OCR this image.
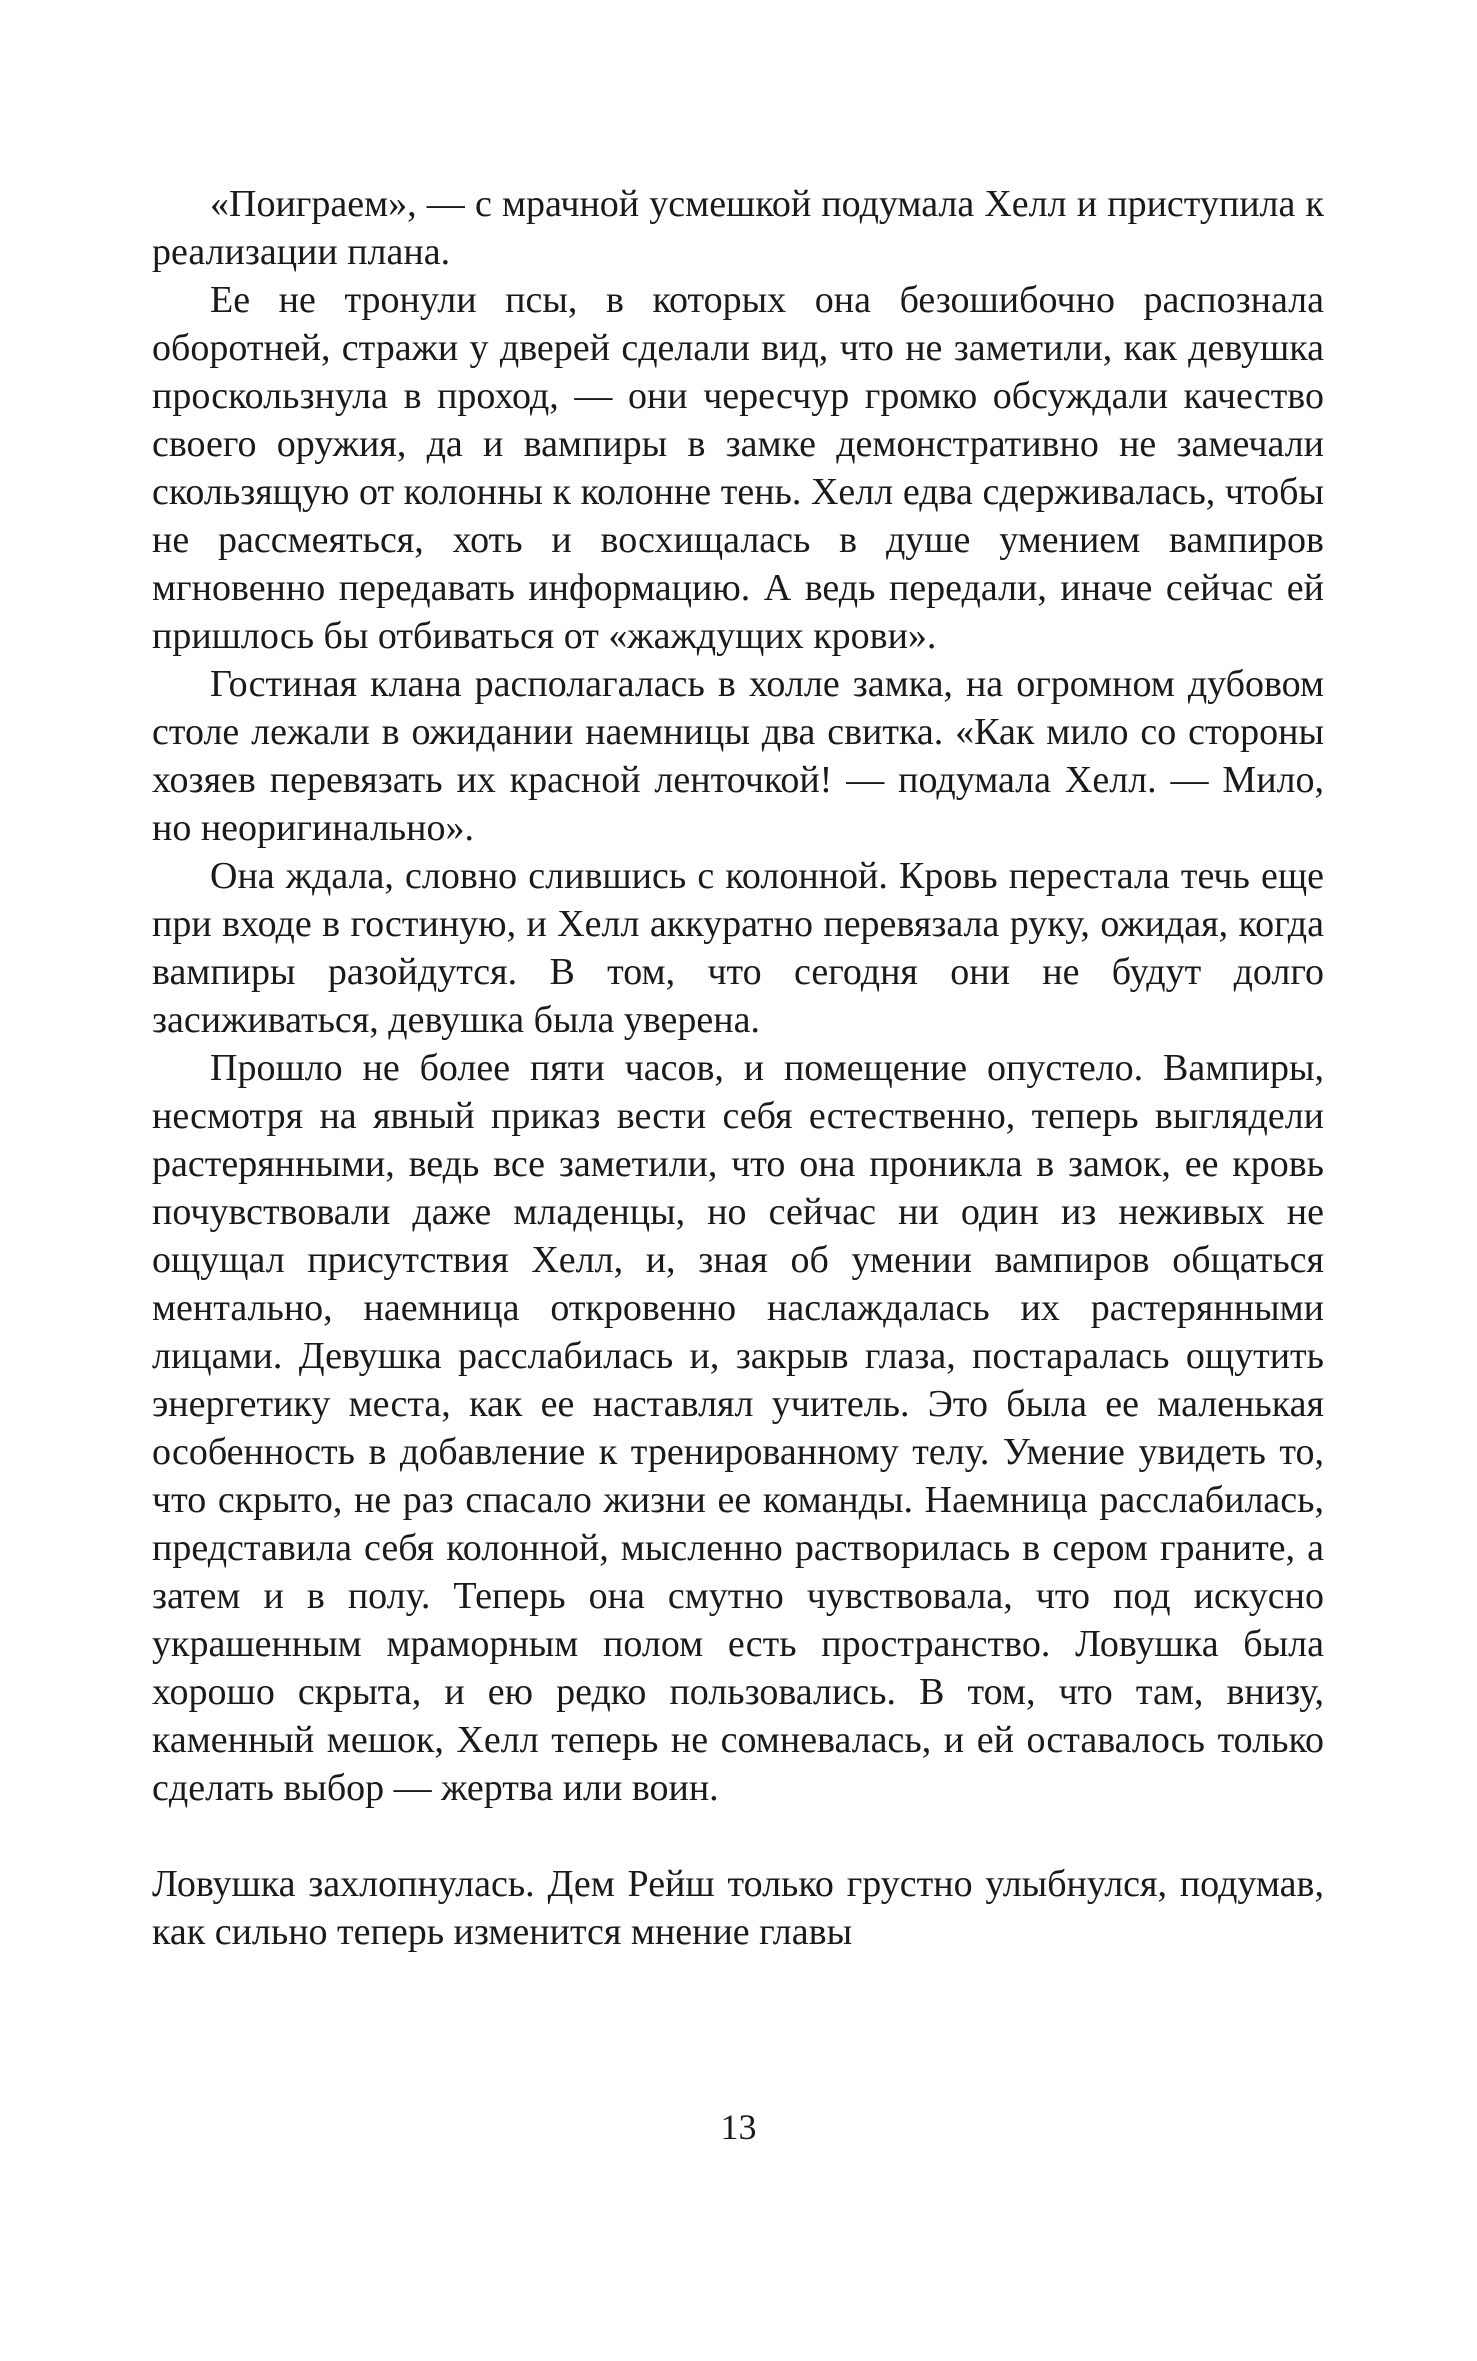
«Поиграем», — с мрачной усмешкой подумала Хелл и приступила к реализации плана.

Ее не тронули псы, в которых она безошибочно распознала оборотней, стражи у дверей сделали вид, что не заметили, как девушка проскользнула в проход, — они чересчур громко обсуждали качество своего оружия, да и вампиры в замке демонстративно не замечали скользящую от колонны к колонне тень. Хелл едва сдерживалась, чтобы не рассмеяться, хоть и восхищалась в душе умением вампиров мгновенно передавать информацию. А ведь передали, иначе сейчас ей пришлось бы отбиваться от «жаждущих крови».

Гостиная клана располагалась в холле замка, на огромном дубовом столе лежали в ожидании наемницы два свитка. «Как мило со стороны хозяев перевязать их красной ленточкой! — подумала Хелл. — Мило, но неоригинально».

Она ждала, словно слившись с колонной. Кровь перестала течь еще при входе в гостиную, и Хелл аккуратно перевязала руку, ожидая, когда вампиры разойдутся. В том, что сегодня они не будут долго засиживаться, девушка была уверена.

Прошло не более пяти часов, и помещение опустело. Вампиры, несмотря на явный приказ вести себя естественно, теперь выглядели растерянными, ведь все заметили, что она проникла в замок, ее кровь почувствовали даже младенцы, но сейчас ни один из неживых не ощущал присутствия Хелл, и, зная об умении вампиров общаться ментально, наемница откровенно наслаждалась их растерянными лицами. Девушка расслабилась и, закрыв глаза, постаралась ощутить энергетику места, как ее наставлял учитель. Это была ее маленькая особенность в добавление к тренированному телу. Умение увидеть то, что скрыто, не раз спасало жизни ее команды. Наемница расслабилась, представила себя колонной, мысленно растворилась в сером граните, а затем и в полу. Теперь она смутно чувствовала, что под искусно украшенным мраморным полом есть пространство. Ловушка была хорошо скрыта, и ею редко пользовались. В том, что там, внизу, каменный мешок, Хелл теперь не сомневалась, и ей оставалось только сделать выбор — жертва или воин.

Ловушка захлопнулась. Дем Рейш только грустно улыбнулся, подумав, как сильно теперь изменится мнение главы

13
